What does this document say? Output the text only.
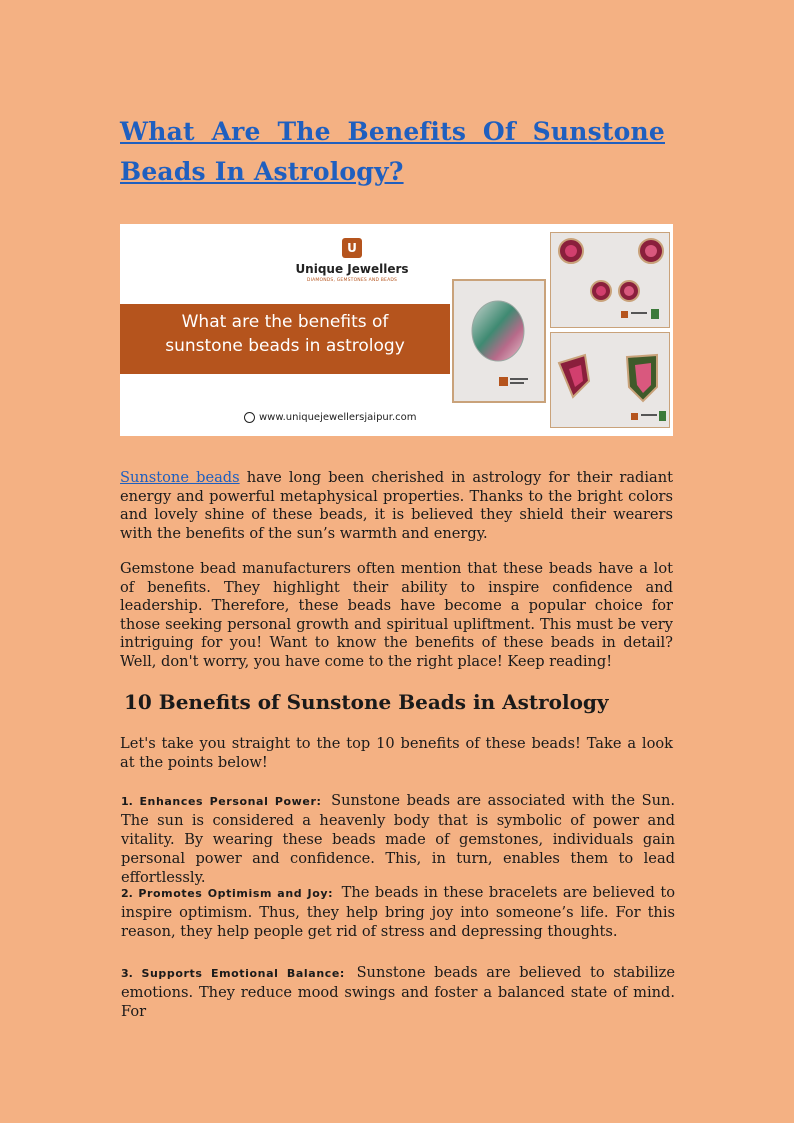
What Are The Benefits Of Sunstone
Beads In Astrology?
U
Unique Jewellers
DIAMONDS, GEMSTONES AND BEADS
What are the benefits of
sunstone beads in astrology
www.uniquejewellersjaipur.com

Sunstone beads have long been cherished in astrology for their radiant energy and powerful metaphysical properties. Thanks to the bright colors and lovely shine of these beads, it is believed they shield their wearers with the benefits of the sun’s warmth and energy.

Gemstone bead manufacturers often mention that these beads have a lot of benefits. They highlight their ability to inspire confidence and leadership. Therefore, these beads have become a popular choice for those seeking personal growth and spiritual upliftment. This must be very intriguing for you! Want to know the benefits of these beads in detail? Well, don't worry, you have come to the right place! Keep reading!

10 Benefits of Sunstone Beads in Astrology

Let's take you straight to the top 10 benefits of these beads! Take a look at the points below!

1. Enhances Personal Power: Sunstone beads are associated with the Sun. The sun is considered a heavenly body that is symbolic of power and vitality. By wearing these beads made of gemstones, individuals gain personal power and confidence. This, in turn, enables them to lead effortlessly.

2. Promotes Optimism and Joy: The beads in these bracelets are believed to inspire optimism. Thus, they help bring joy into someone’s life. For this reason, they help people get rid of stress and depressing thoughts.

3. Supports Emotional Balance: Sunstone beads are believed to stabilize emotions. They reduce mood swings and foster a balanced state of mind. For
